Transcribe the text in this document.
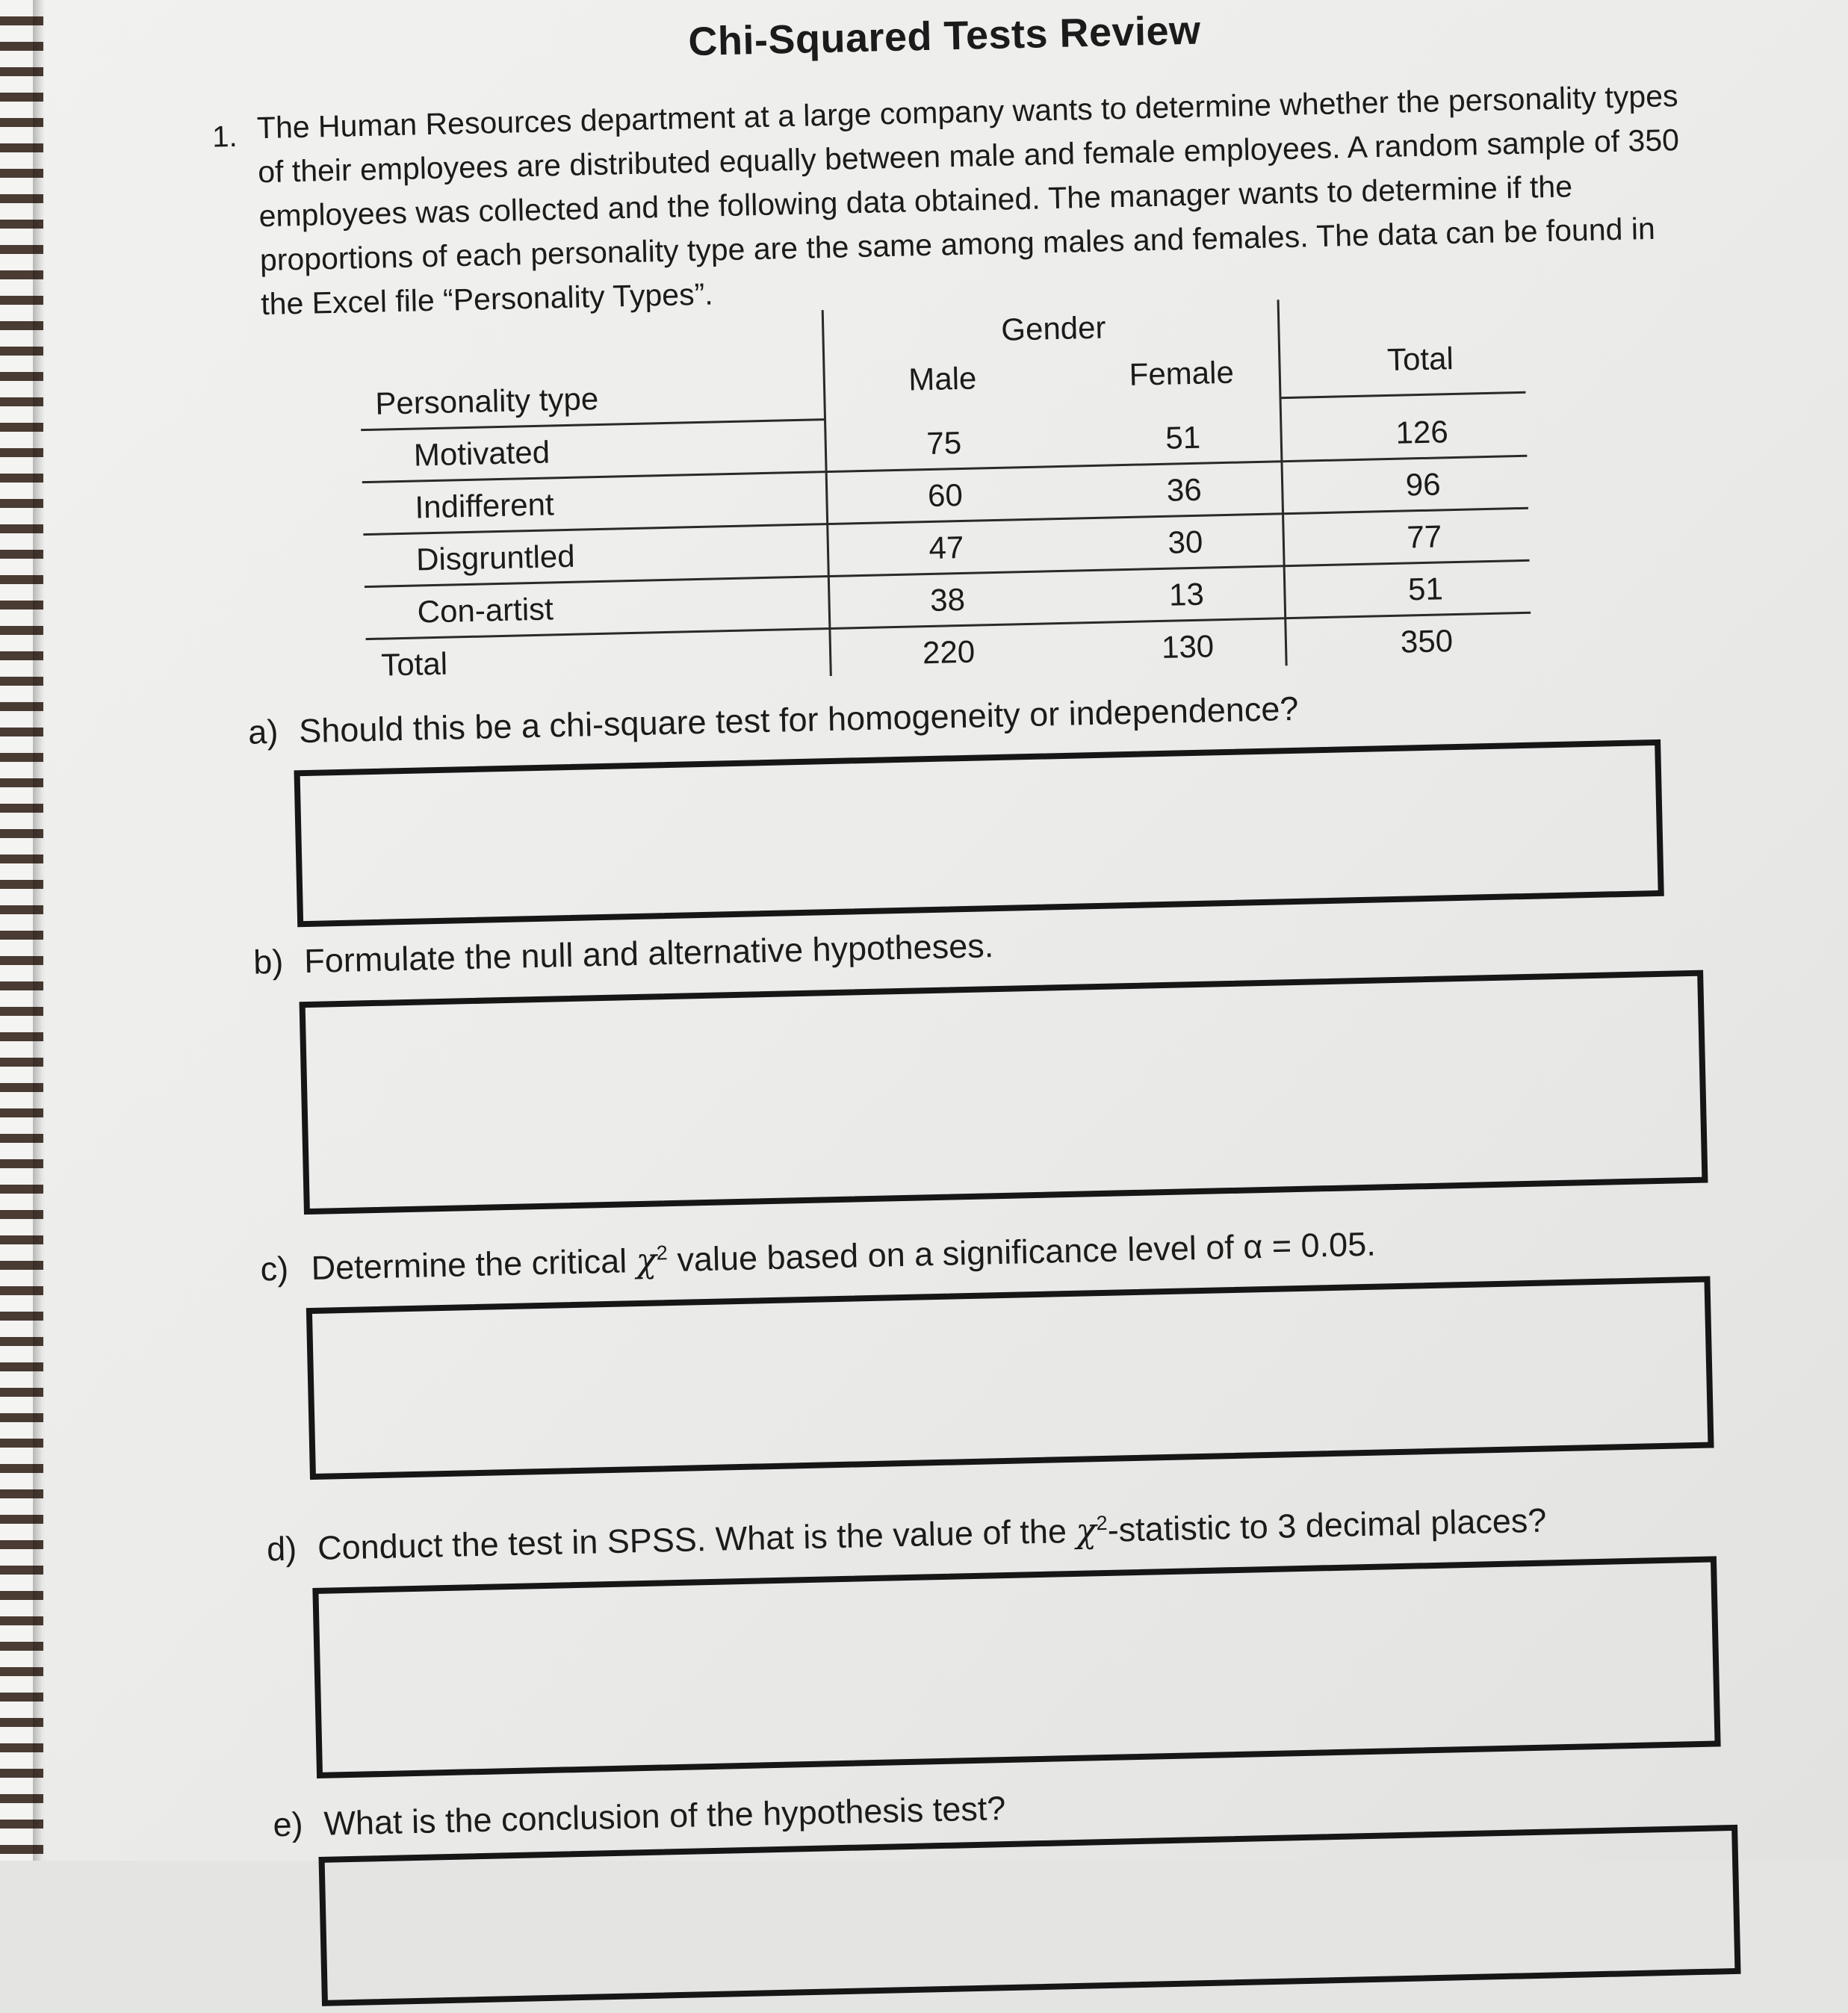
Chi-Squared Tests Review
1. The Human Resources department at a large company wants to determine whether the personality types of their employees are distributed equally between male and female employees. A random sample of 350 employees was collected and the following data obtained. The manager wants to determine if the proportions of each personality type are the same among males and females. The data can be found in the Excel file “Personality Types”.

Gender
Personality type
Male	Female	Total
Motivated	75	51	126
Indifferent	60	36	96
Disgruntled	47	30	77
Con-artist	38	13	51
Total	220	130	350
a) Should this be a chi-square test for homogeneity or independence?
b) Formulate the null and alternative hypotheses.
c) Determine the critical $\chi^2$ value based on a significance level of α = 0.05.
d) Conduct the test in SPSS. What is the value of the $\chi^2$-statistic to 3 decimal places?
e) What is the conclusion of the hypothesis test?
